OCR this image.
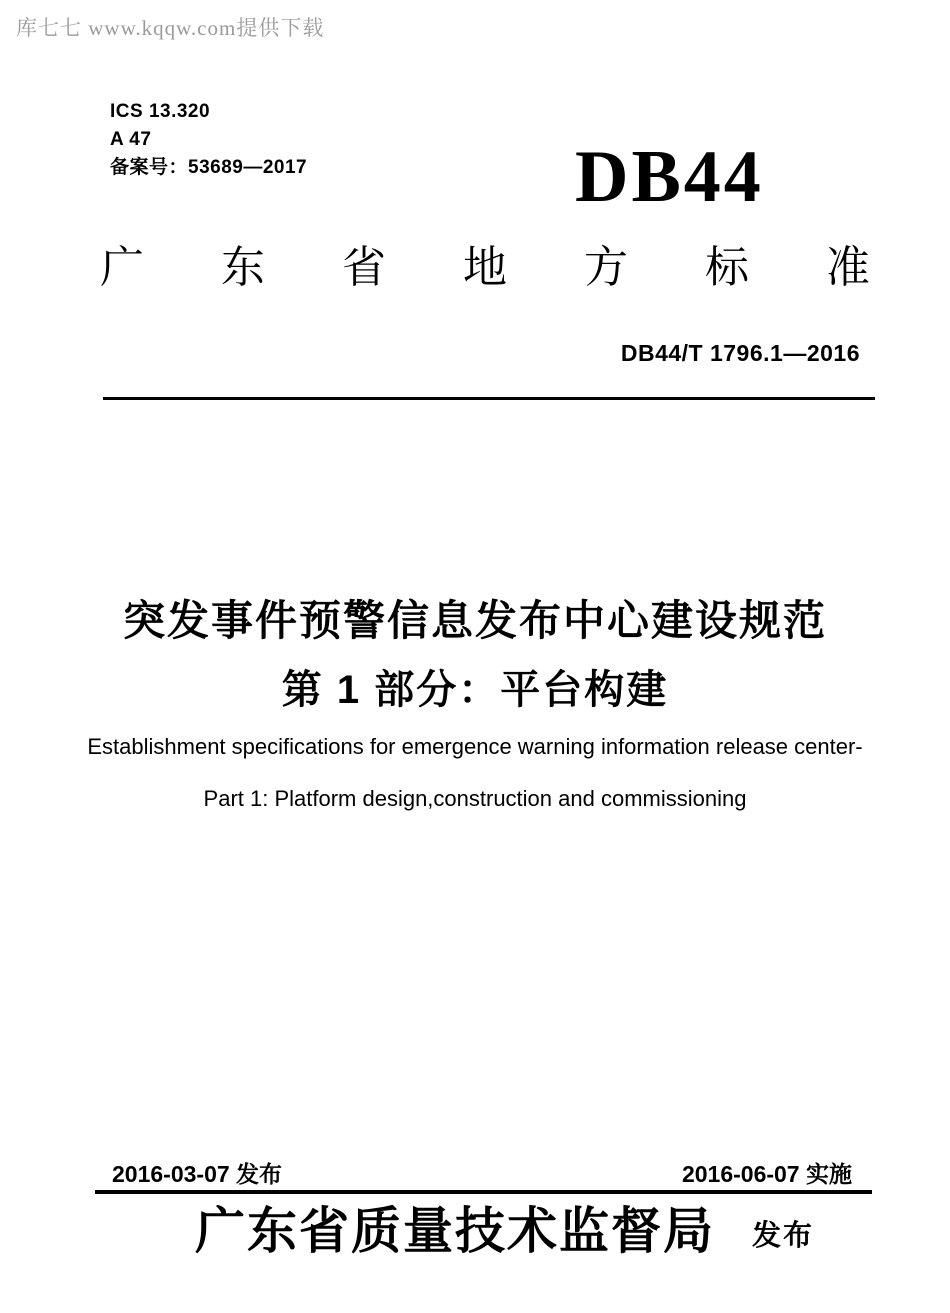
库七七 www.kqqw.com提供下载
ICS 13.320
A 47
备案号：53689—2017	DB44
广 东 省 地 方 标 准
DB44/T 1796.1—2016
突发事件预警信息发布中心建设规范
第 1 部分：平台构建
Establishment specifications for emergence warning information release center-
Part 1: Platform design,construction and commissioning
2016-03-07 发布	2016-06-07 实施
广东省质量技术监督局 发布
